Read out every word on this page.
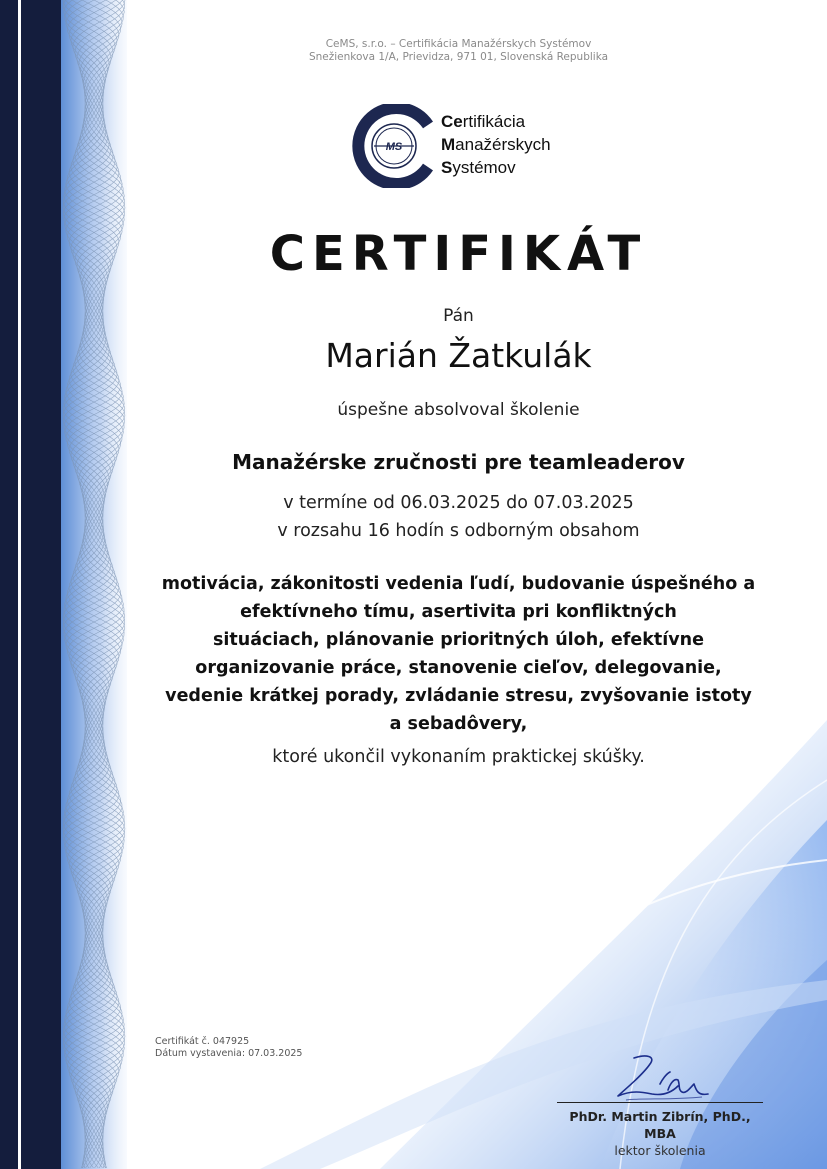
CeMS, s.r.o. – Certifikácia Manažérskych Systémov
Snežienkova 1/A, Prievidza, 971 01, Slovenská Republika
MS
Certifikácia
Manažérskych
Systémov
CERTIFIKÁT
Pán
Marián Žatkulák
úspešne absolvoval školenie
Manažérske zručnosti pre teamleaderov
v termíne od 06.03.2025 do 07.03.2025
v rozsahu 16 hodín s odborným obsahom
motivácia, zákonitosti vedenia ľudí, budovanie úspešného a
efektívneho tímu, asertivita pri konfliktných
situáciach, plánovanie prioritných úloh, efektívne
organizovanie práce, stanovenie cieľov, delegovanie,
vedenie krátkej porady, zvládanie stresu, zvyšovanie istoty
a sebadôvery,
ktoré ukončil vykonaním praktickej skúšky.
Certifikát č. 047925
Dátum vystavenia: 07.03.2025
PhDr. Martin Zibrín, PhD.,
MBA
lektor školenia
